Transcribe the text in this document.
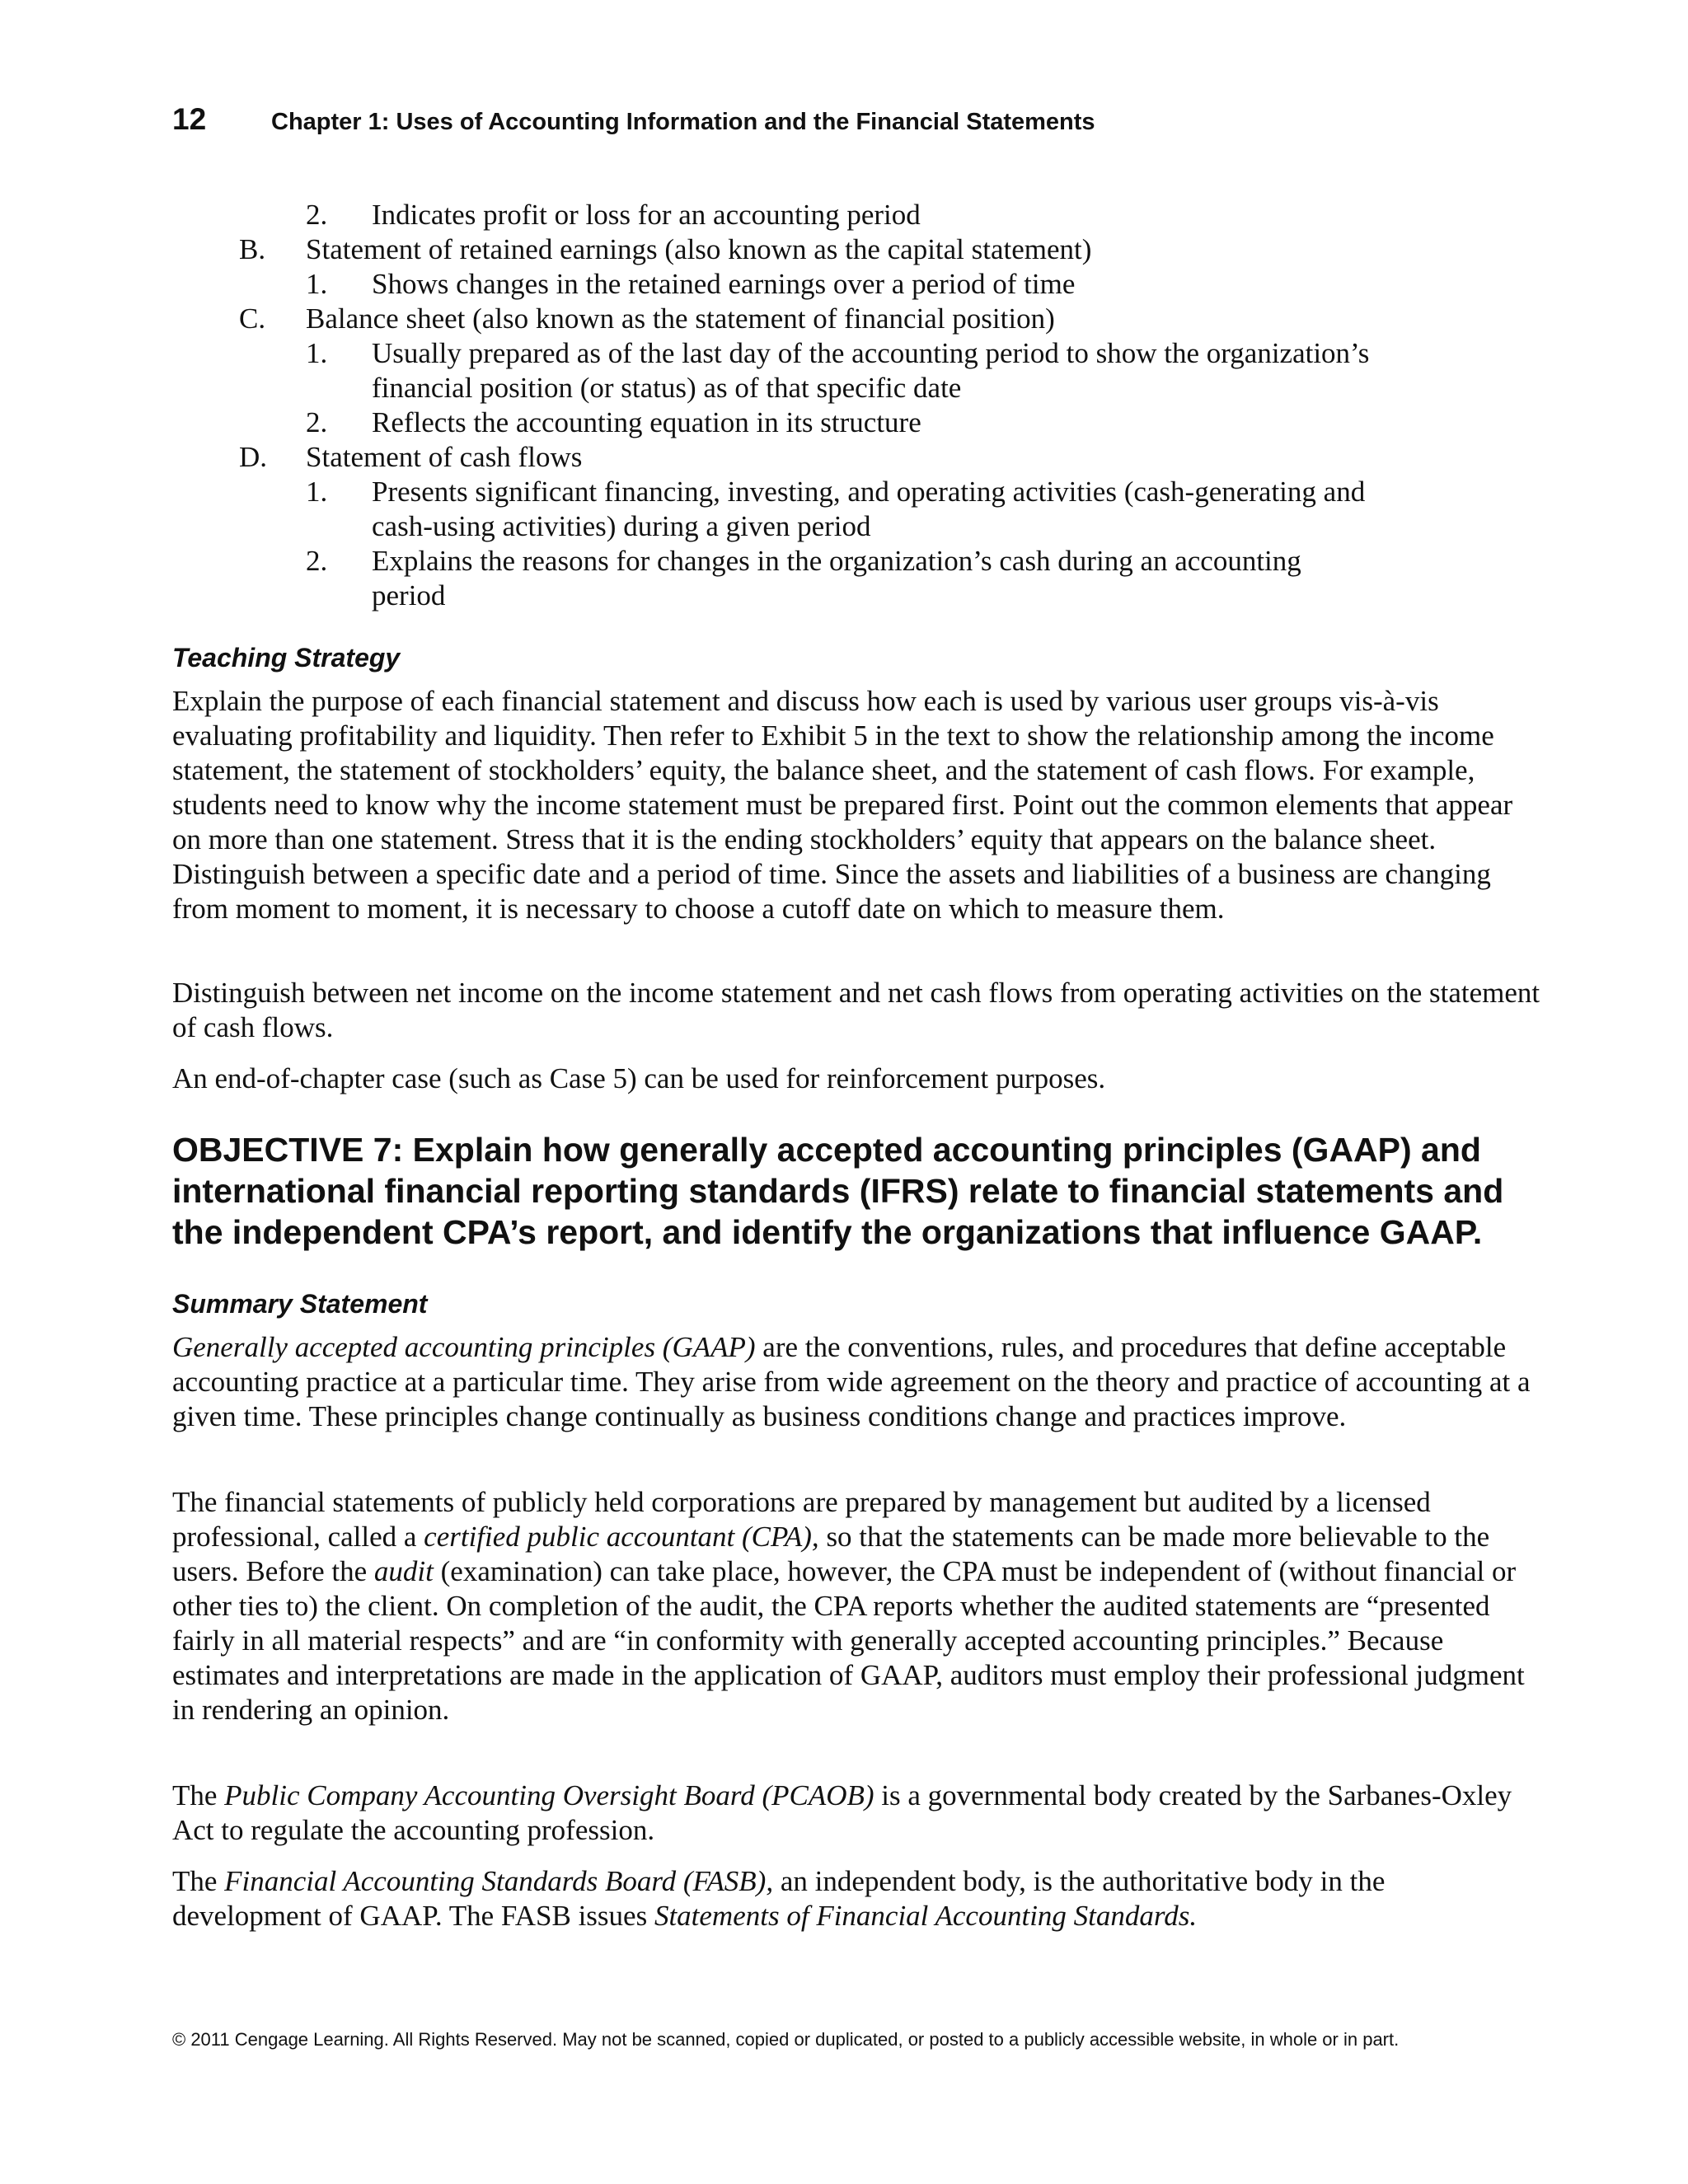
12	Chapter 1: Uses of Accounting Information and the Financial Statements
2. Indicates profit or loss for an accounting period
B. Statement of retained earnings (also known as the capital statement)
1. Shows changes in the retained earnings over a period of time
C. Balance sheet (also known as the statement of financial position)
1. Usually prepared as of the last day of the accounting period to show the organization’s
financial position (or status) as of that specific date
2. Reflects the accounting equation in its structure
D. Statement of cash flows
1. Presents significant financing, investing, and operating activities (cash-generating and
cash-using activities) during a given period
2. Explains the reasons for changes in the organization’s cash during an accounting
period
Teaching Strategy
Explain the purpose of each financial statement and discuss how each is used by various user groups vis-à-vis evaluating profitability and liquidity. Then refer to Exhibit 5 in the text to show the relationship among the income statement, the statement of stockholders’ equity, the balance sheet, and the statement of cash flows. For example, students need to know why the income statement must be prepared first. Point out the common elements that appear on more than one statement. Stress that it is the ending stockholders’ equity that appears on the balance sheet. Distinguish between a specific date and a period of time. Since the assets and liabilities of a business are changing from moment to moment, it is necessary to choose a cutoff date on which to measure them.
Distinguish between net income on the income statement and net cash flows from operating activities on the statement of cash flows.
An end-of-chapter case (such as Case 5) can be used for reinforcement purposes.
OBJECTIVE 7: Explain how generally accepted accounting principles (GAAP) and international financial reporting standards (IFRS) relate to financial statements and the independent CPA’s report, and identify the organizations that influence GAAP.
Summary Statement
Generally accepted accounting principles (GAAP) are the conventions, rules, and procedures that define acceptable accounting practice at a particular time. They arise from wide agreement on the theory and practice of accounting at a given time. These principles change continually as business conditions change and practices improve.
The financial statements of publicly held corporations are prepared by management but audited by a licensed professional, called a certified public accountant (CPA), so that the statements can be made more believable to the users. Before the audit (examination) can take place, however, the CPA must be independent of (without financial or other ties to) the client. On completion of the audit, the CPA reports whether the audited statements are “presented fairly in all material respects” and are “in conformity with generally accepted accounting principles.” Because estimates and interpretations are made in the application of GAAP, auditors must employ their professional judgment in rendering an opinion.
The Public Company Accounting Oversight Board (PCAOB) is a governmental body created by the Sarbanes-Oxley Act to regulate the accounting profession.
The Financial Accounting Standards Board (FASB), an independent body, is the authoritative body in the development of GAAP. The FASB issues Statements of Financial Accounting Standards.
© 2011 Cengage Learning. All Rights Reserved. May not be scanned, copied or duplicated, or posted to a publicly accessible website, in whole or in part.
